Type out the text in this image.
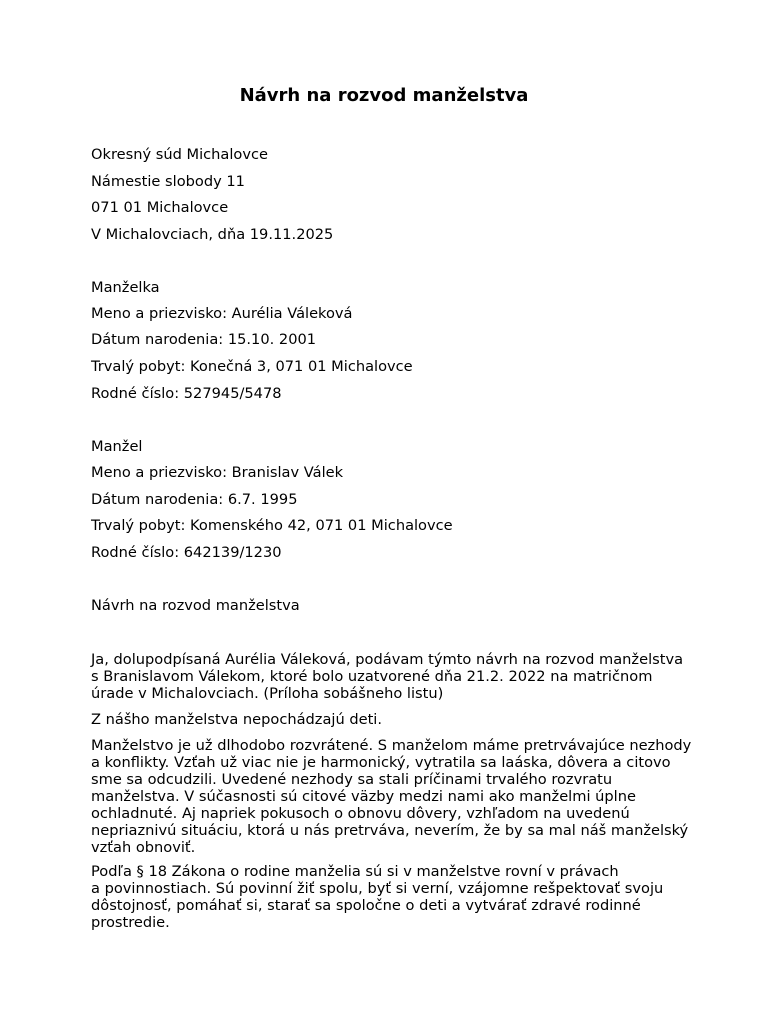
Návrh na rozvod manželstva
Okresný súd Michalovce
Námestie slobody 11
071 01 Michalovce
V Michalovciach, dňa 19.11.2025
Manželka
Meno a priezvisko: Aurélia Váleková
Dátum narodenia: 15.10. 2001
Trvalý pobyt: Konečná 3, 071 01 Michalovce
Rodné číslo: 527945/5478
Manžel
Meno a priezvisko: Branislav Válek
Dátum narodenia: 6.7. 1995
Trvalý pobyt: Komenského 42, 071 01 Michalovce
Rodné číslo: 642139/1230
Návrh na rozvod manželstva
Ja, dolupodpísaná Aurélia Váleková, podávam týmto návrh na rozvod manželstva
s Branislavom Válekom, ktoré bolo uzatvorené dňa 21.2. 2022 na matričnom
úrade v Michalovciach. (Príloha sobášneho listu)
Z nášho manželstva nepochádzajú deti.
Manželstvo je už dlhodobo rozvrátené. S manželom máme pretrvávajúce nezhody
a konflikty. Vzťah už viac nie je harmonický, vytratila sa laáska, dôvera a citovo
sme sa odcudzili. Uvedené nezhody sa stali príčinami trvalého rozvratu
manželstva. V súčasnosti sú citové väzby medzi nami ako manželmi úplne
ochladnuté. Aj napriek pokusoch o obnovu dôvery, vzhľadom na uvedenú
nepriaznivú situáciu, ktorá u nás pretrváva, neverím, že by sa mal náš manželský
vzťah obnoviť.
Podľa § 18 Zákona o rodine manželia sú si v manželstve rovní v právach
a povinnostiach. Sú povinní žiť spolu, byť si verní, vzájomne rešpektovať svoju
dôstojnosť, pomáhať si, starať sa spoločne o deti a vytvárať zdravé rodinné
prostredie.
